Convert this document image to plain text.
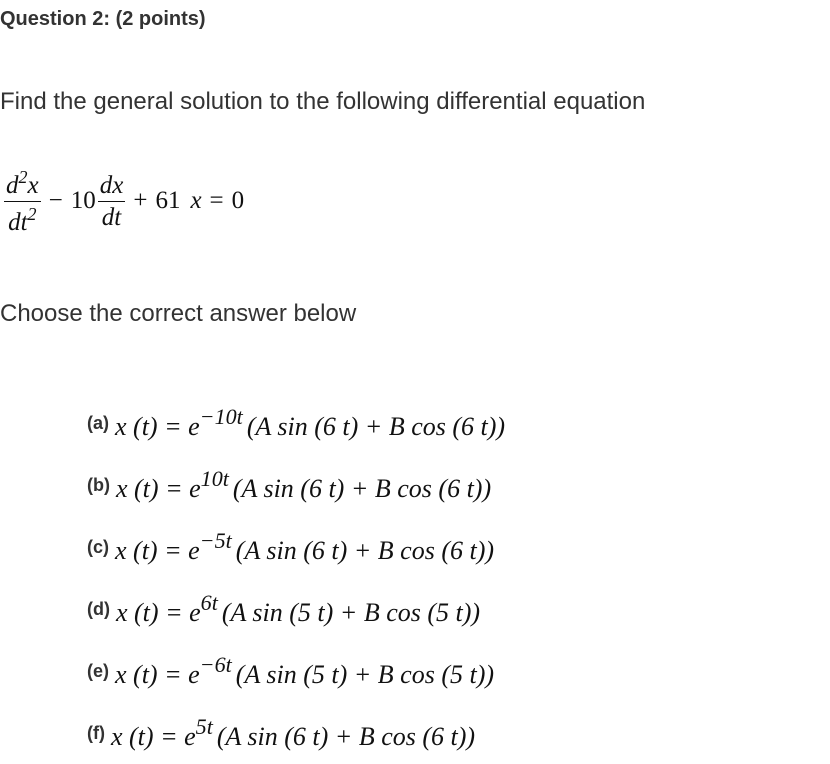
Question 2: (2 points)
Find the general solution to the following differential equation
$\frac{d^2x}{dt^2} - 10 \frac{dx}{dt} + 61$ x = 0
Choose the correct answer below
(a) x (t) = e−10t (A sin (6 t) + B cos (6 t))
(b) x (t) = e10t (A sin (6 t) + B cos (6 t))
(c) x (t) = e−5t (A sin (6 t) + B cos (6 t))
(d) x (t) = e6t (A sin (5 t) + B cos (5 t))
(e) x (t) = e−6t (A sin (5 t) + B cos (5 t))
(f) x (t) = e5t (A sin (6 t) + B cos (6 t))
